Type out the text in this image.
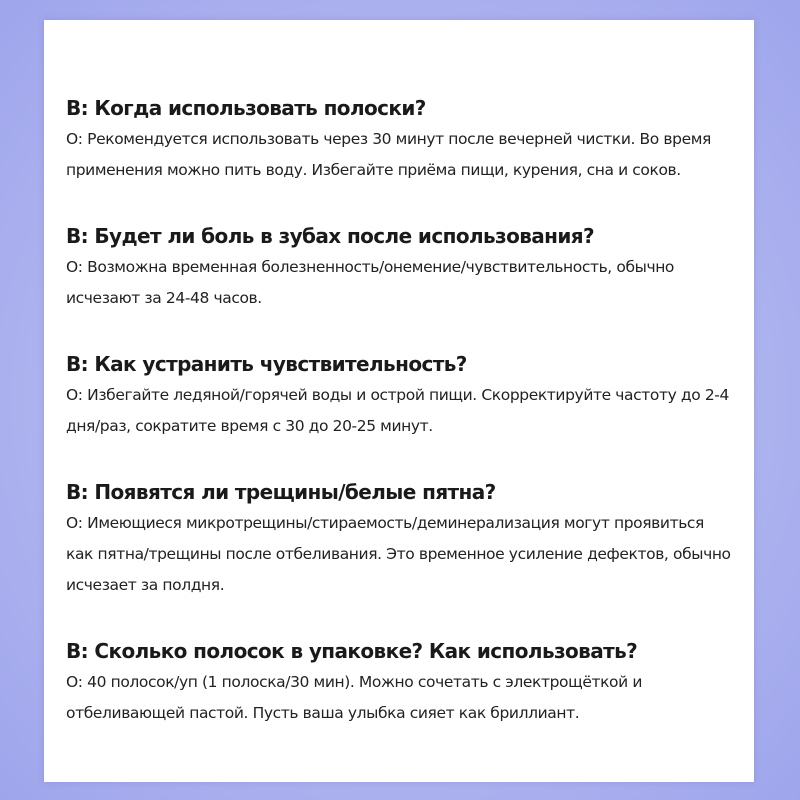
В: Когда использовать полоски?

О: Рекомендуется использовать через 30 минут после вечерней чистки. Во время применения можно пить воду. Избегайте приёма пищи, курения, сна и соков.

В: Будет ли боль в зубах после использования?

О: Возможна временная болезненность/онемение/чувствительность, обычно исчезают за 24-48 часов.

В: Как устранить чувствительность?

О: Избегайте ледяной/горячей воды и острой пищи. Скорректируйте частоту до 2-4 дня/раз, сократите время с 30 до 20-25 минут.

В: Появятся ли трещины/белые пятна?

О: Имеющиеся микротрещины/стираемость/деминерализация могут проявиться как пятна/трещины после отбеливания. Это временное усиление дефектов, обычно исчезает за полдня.

В: Сколько полосок в упаковке? Как использовать?

О: 40 полосок/уп (1 полоска/30 мин). Можно сочетать с электрощёткой и отбеливающей пастой. Пусть ваша улыбка сияет как бриллиант.
